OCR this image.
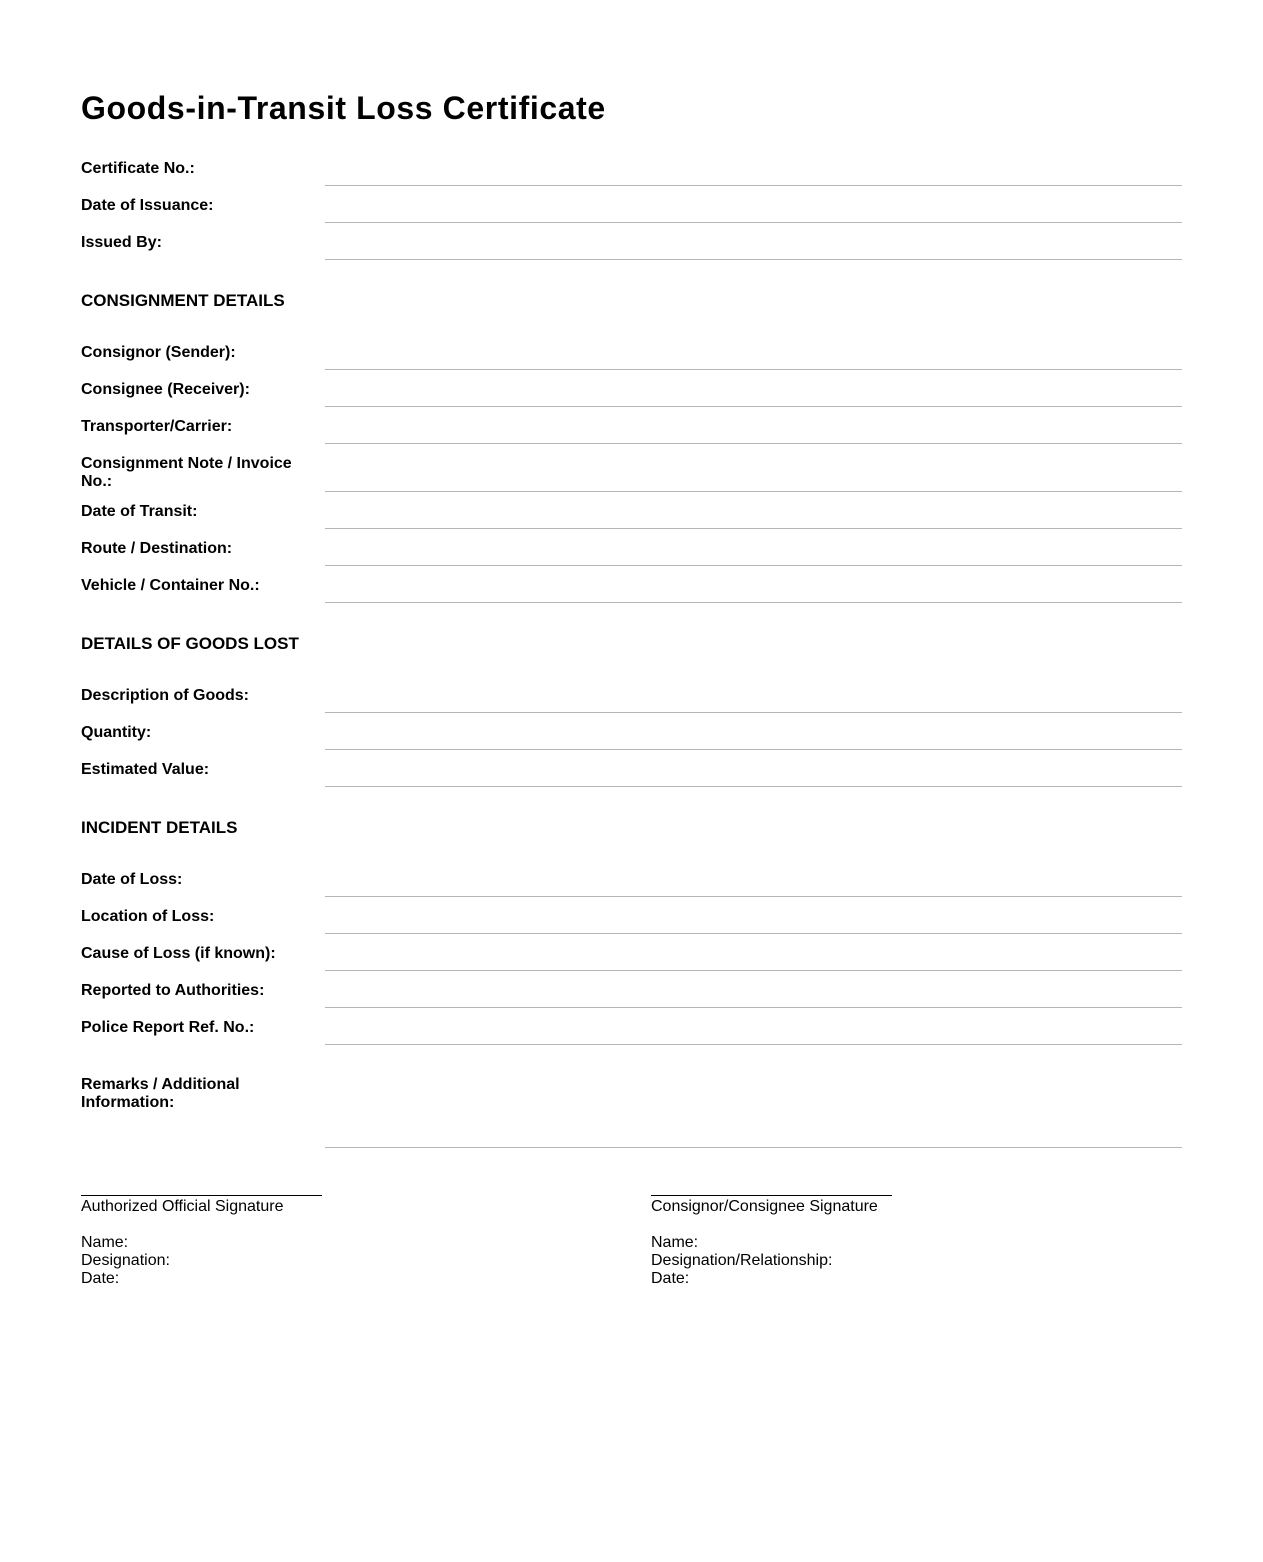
Goods-in-Transit Loss Certificate
Certificate No.:
Date of Issuance:
Issued By:
CONSIGNMENT DETAILS
Consignor (Sender):
Consignee (Receiver):
Transporter/Carrier:
Consignment Note / Invoice No.:
Date of Transit:
Route / Destination:
Vehicle / Container No.:
DETAILS OF GOODS LOST
Description of Goods:
Quantity:
Estimated Value:
INCIDENT DETAILS
Date of Loss:
Location of Loss:
Cause of Loss (if known):
Reported to Authorities:
Police Report Ref. No.:
Remarks / Additional Information:
Authorized Official Signature
Name:
Designation:
Date:
Consignor/Consignee Signature
Name:
Designation/Relationship:
Date:
